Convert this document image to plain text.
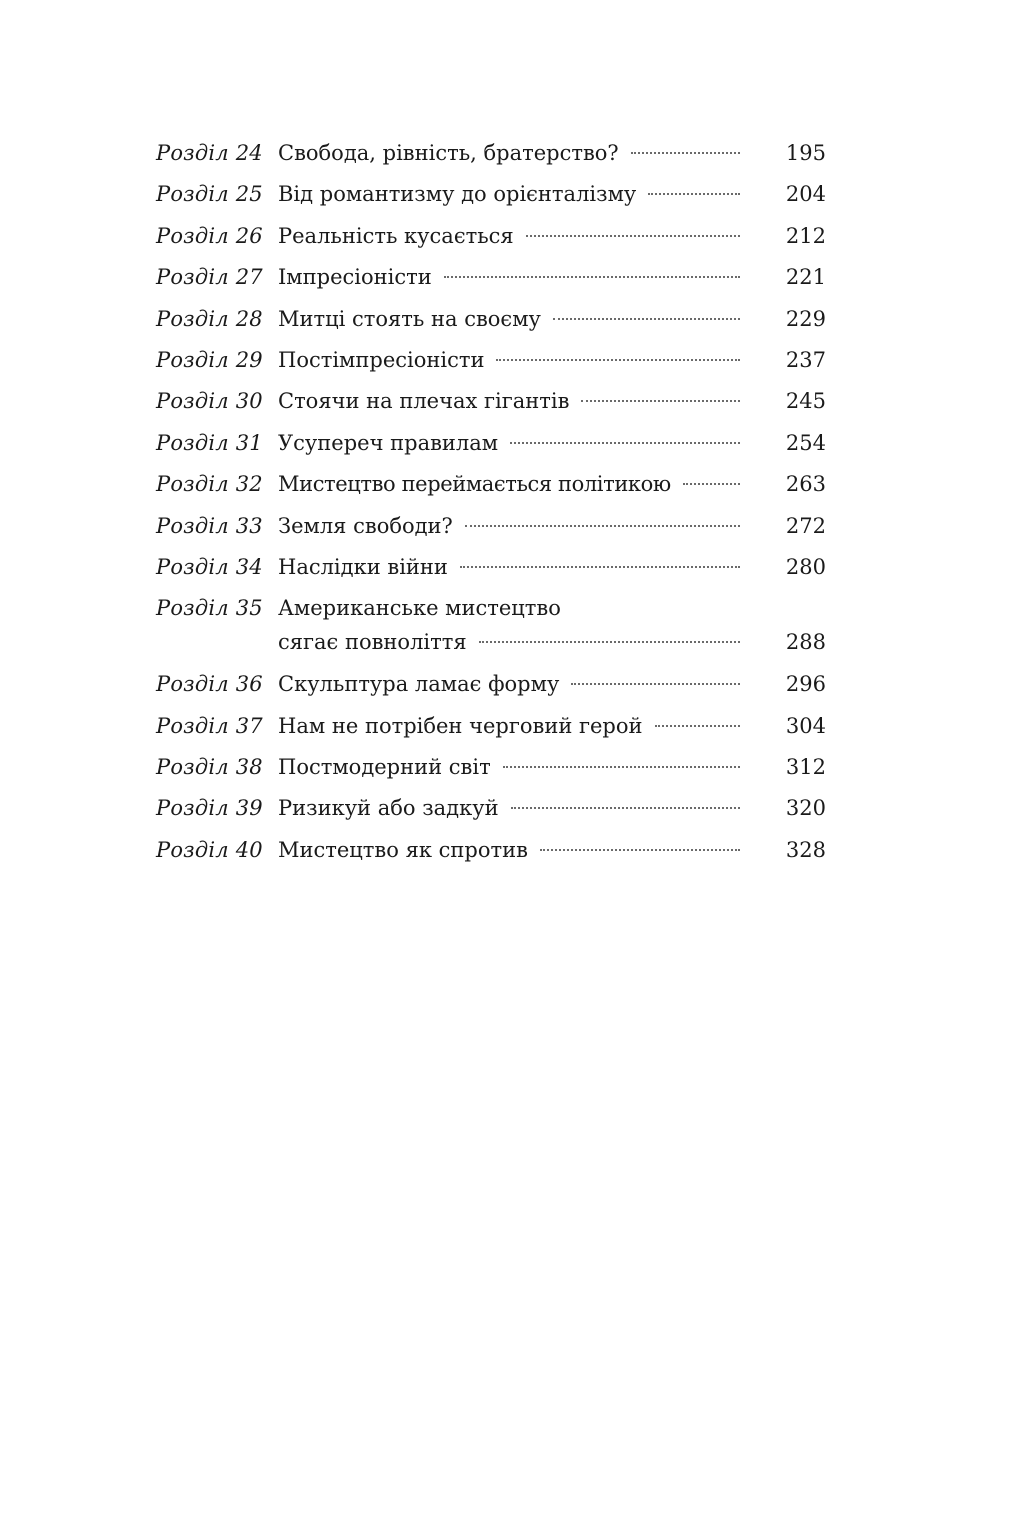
Розділ 24 Свобода, рівність, братерство?	195
Розділ 25 Від романтизму до орієнталізму	204
Розділ 26 Реальність кусається	212
Розділ 27 Імпресіоністи	221
Розділ 28 Митці стоять на своєму	229
Розділ 29 Постімпресіоністи	237
Розділ 30 Стоячи на плечах гігантів	245
Розділ 31 Усупереч правилам	254
Розділ 32 Мистецтво переймається політикою	263
Розділ 33 Земля свободи?	272
Розділ 34 Наслідки війни	280
Розділ 35 Американське мистецтво
сягає повноліття	288
Розділ 36 Скульптура ламає форму	296
Розділ 37 Нам не потрібен черговий герой	304
Розділ 38 Постмодерний світ	312
Розділ 39 Ризикуй або задкуй	320
Розділ 40 Мистецтво як спротив	328
